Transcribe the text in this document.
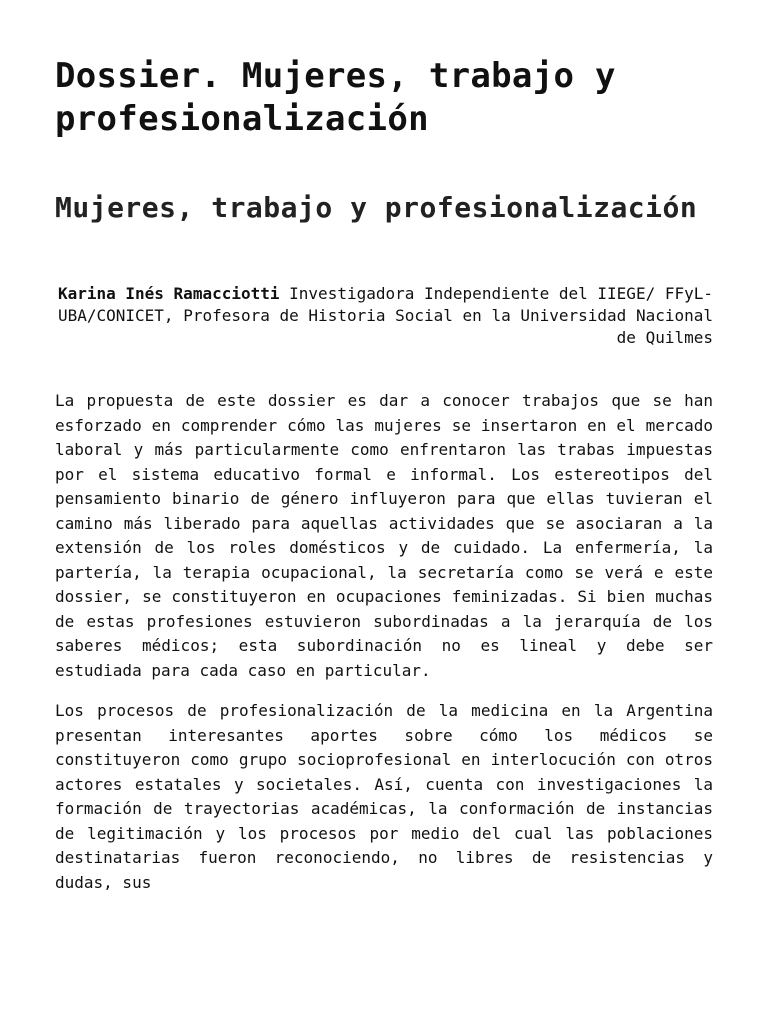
Dossier. Mujeres, trabajo y profesionalización
Mujeres, trabajo y profesionalización
Karina Inés Ramacciotti Investigadora Independiente del IIEGE/ FFyL- UBA/CONICET, Profesora de Historia Social en la Universidad Nacional de Quilmes

La propuesta de este dossier es dar a conocer trabajos que se han esforzado en comprender cómo las mujeres se insertaron en el mercado laboral y más particularmente como enfrentaron las trabas impuestas por el sistema educativo formal e informal. Los estereotipos del pensamiento binario de género influyeron para que ellas tuvieran el camino más liberado para aquellas actividades que se asociaran a la extensión de los roles domésticos y de cuidado. La enfermería, la partería, la terapia ocupacional, la secretaría como se verá e este dossier, se constituyeron en ocupaciones feminizadas. Si bien muchas de estas profesiones estuvieron subordinadas a la jerarquía de los saberes médicos; esta subordinación no es lineal y debe ser estudiada para cada caso en particular.

Los procesos de profesionalización de la medicina en la Argentina presentan interesantes aportes sobre cómo los médicos se constituyeron como grupo socioprofesional en interlocución con otros actores estatales y societales. Así, cuenta con investigaciones la formación de trayectorias académicas, la conformación de instancias de legitimación y los procesos por medio del cual las poblaciones destinatarias fueron reconociendo, no libres de resistencias y dudas, sus
